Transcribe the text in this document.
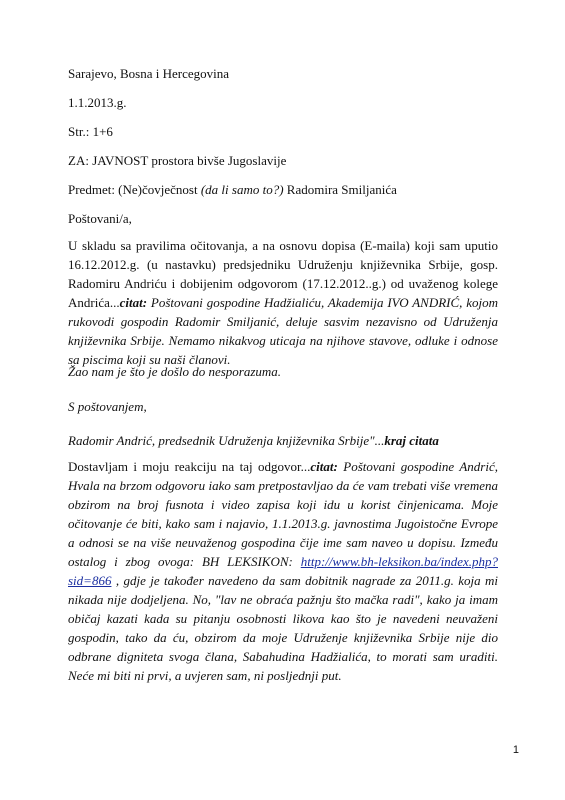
Sarajevo, Bosna i Hercegovina
1.1.2013.g.
Str.: 1+6
ZA: JAVNOST prostora bivše Jugoslavije
Predmet: (Ne)čovječnost (da li samo to?) Radomira Smiljanića
Poštovani/a,
U skladu sa pravilima očitovanja, a na osnovu dopisa (E-maila) koji sam uputio 16.12.2012.g. (u nastavku) predsjedniku Udruženju književnika Srbije, gosp. Radomiru Andriću i dobijenim odgovorom (17.12.2012..g.) od uvaženog kolege Andrića...citat: Poštovani gospodine Hadžialiću, Akademija IVO ANDRIĆ, kojom rukovodi gospodin Radomir Smiljanić, deluje sasvim nezavisno od Udruženja književnika Srbije. Nemamo nikakvog uticaja na njihove stavove, odluke i odnose sa piscima koji su naši članovi.
Žao nam je što je došlo do nesporazuma.
S poštovanjem,
Radomir Andrić, predsednik Udruženja književnika Srbije"...kraj citata
Dostavljam i moju reakciju na taj odgovor...citat: Poštovani gospodine Andrić, Hvala na brzom odgovoru iako sam pretpostavljao da će vam trebati više vremena obzirom na broj fusnota i video zapisa koji idu u korist činjenicama. Moje očitovanje će biti, kako sam i najavio, 1.1.2013.g. javnostima Jugoistočne Evrope a odnosi se na više neuvaženog gospodina čije ime sam naveo u dopisu. Između ostalog i zbog ovoga: BH LEKSIKON: http://www.bh-leksikon.ba/index.php?sid=866 , gdje je također navedeno da sam dobitnik nagrade za 2011.g. koja mi nikada nije dodjeljena. No, "lav ne obraća pažnju što mačka radi", kako ja imam običaj kazati kada su pitanju osobnosti likova kao što je navedeni neuvaženi gospodin, tako da ću, obzirom da moje Udruženje književnika Srbije nije dio odbrane digniteta svoga člana, Sabahudina Hadžialića, to morati sam uraditi. Neće mi biti ni prvi, a uvjeren sam, ni posljednji put.
1
